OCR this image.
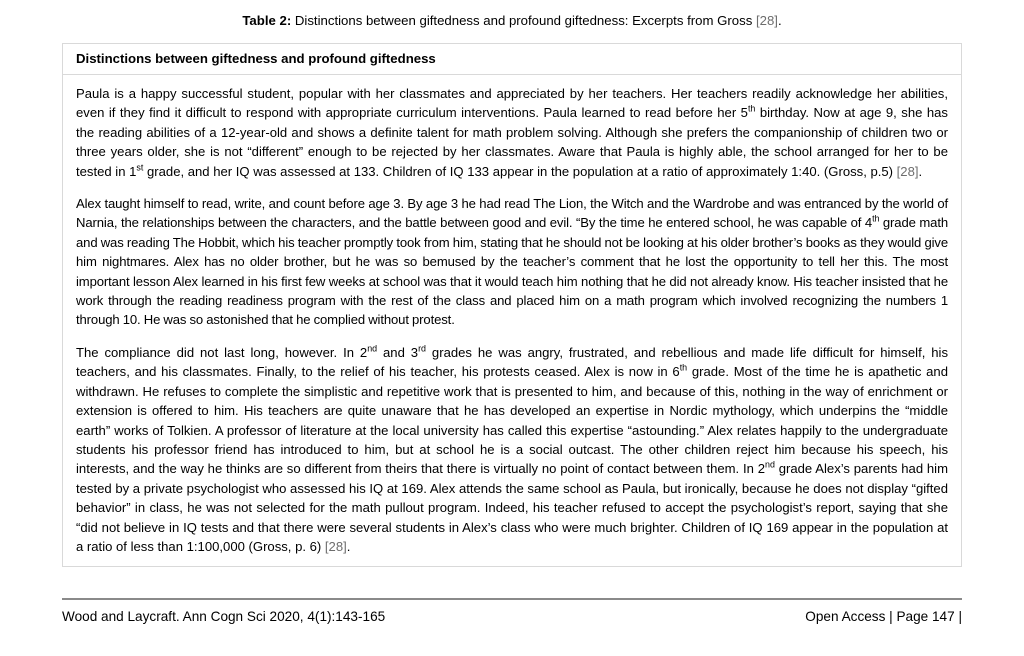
Table 2: Distinctions between giftedness and profound giftedness: Excerpts from Gross [28].
Distinctions between giftedness and profound giftedness

Paula is a happy successful student, popular with her classmates and appreciated by her teachers. Her teachers readily acknowledge her abilities, even if they find it difficult to respond with appropriate curriculum interventions. Paula learned to read before her 5th birthday. Now at age 9, she has the reading abilities of a 12-year-old and shows a definite talent for math problem solving. Although she prefers the companionship of children two or three years older, she is not “different” enough to be rejected by her classmates. Aware that Paula is highly able, the school arranged for her to be tested in 1st grade, and her IQ was assessed at 133. Children of IQ 133 appear in the population at a ratio of approximately 1:40. (Gross, p.5) [28].

Alex taught himself to read, write, and count before age 3. By age 3 he had read The Lion, the Witch and the Wardrobe and was entranced by the world of Narnia, the relationships between the characters, and the battle between good and evil. “By the time he entered school, he was capable of 4th grade math and was reading The Hobbit, which his teacher promptly took from him, stating that he should not be looking at his older brother’s books as they would give him nightmares. Alex has no older brother, but he was so bemused by the teacher’s comment that he lost the opportunity to tell her this. The most important lesson Alex learned in his first few weeks at school was that it would teach him nothing that he did not already know. His teacher insisted that he work through the reading readiness program with the rest of the class and placed him on a math program which involved recognizing the numbers 1 through 10. He was so astonished that he complied without protest.

The compliance did not last long, however. In 2nd and 3rd grades he was angry, frustrated, and rebellious and made life difficult for himself, his teachers, and his classmates. Finally, to the relief of his teacher, his protests ceased. Alex is now in 6th grade. Most of the time he is apathetic and withdrawn. He refuses to complete the simplistic and repetitive work that is presented to him, and because of this, nothing in the way of enrichment or extension is offered to him. His teachers are quite unaware that he has developed an expertise in Nordic mythology, which underpins the “middle earth” works of Tolkien. A professor of literature at the local university has called this expertise “astounding.” Alex relates happily to the undergraduate students his professor friend has introduced to him, but at school he is a social outcast. The other children reject him because his speech, his interests, and the way he thinks are so different from theirs that there is virtually no point of contact between them. In 2nd grade Alex’s parents had him tested by a private psychologist who assessed his IQ at 169. Alex attends the same school as Paula, but ironically, because he does not display “gifted behavior” in class, he was not selected for the math pullout program. Indeed, his teacher refused to accept the psychologist’s report, saying that she “did not believe in IQ tests and that there were several students in Alex’s class who were much brighter. Children of IQ 169 appear in the population at a ratio of less than 1:100,000 (Gross, p. 6) [28].

Wood and Laycraft. Ann Cogn Sci 2020, 4(1):143-165	Open Access | Page 147 |
